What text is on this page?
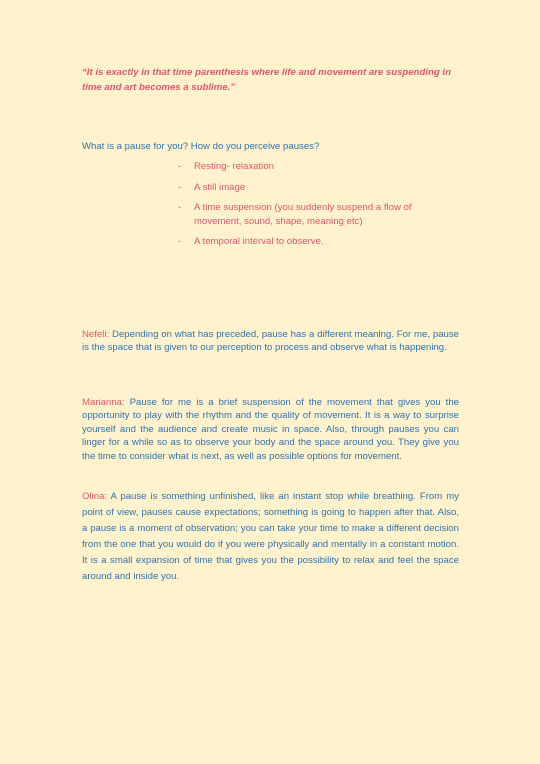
“It is exactly in that time parenthesis where life and movement are suspending in time and art becomes a sublime.”
What is a pause for you? How do you perceive pauses?
- Resting- relaxation
- A still image
- A time suspension (you suddenly suspend a flow of movement, sound, shape, meaning etc)
- A temporal interval to observe.

Nefeli: Depending on what has preceded, pause has a different meaning. For me, pause is the space that is given to our perception to process and observe what is happening.

Marianna: Pause for me is a brief suspension of the movement that gives you the opportunity to play with the rhythm and the quality of movement. It is a way to surprise yourself and the audience and create music in space. Also, through pauses you can linger for a while so as to observe your body and the space around you. They give you the time to consider what is next, as well as possible options for movement.

Olina: A pause is something unfinished, like an instant stop while breathing. From my point of view, pauses cause expectations; something is going to happen after that. Also, a pause is a moment of observation; you can take your time to make a different decision from the one that you would do if you were physically and mentally in a constant motion. It is a small expansion of time that gives you the possibility to relax and feel the space around and inside you.
